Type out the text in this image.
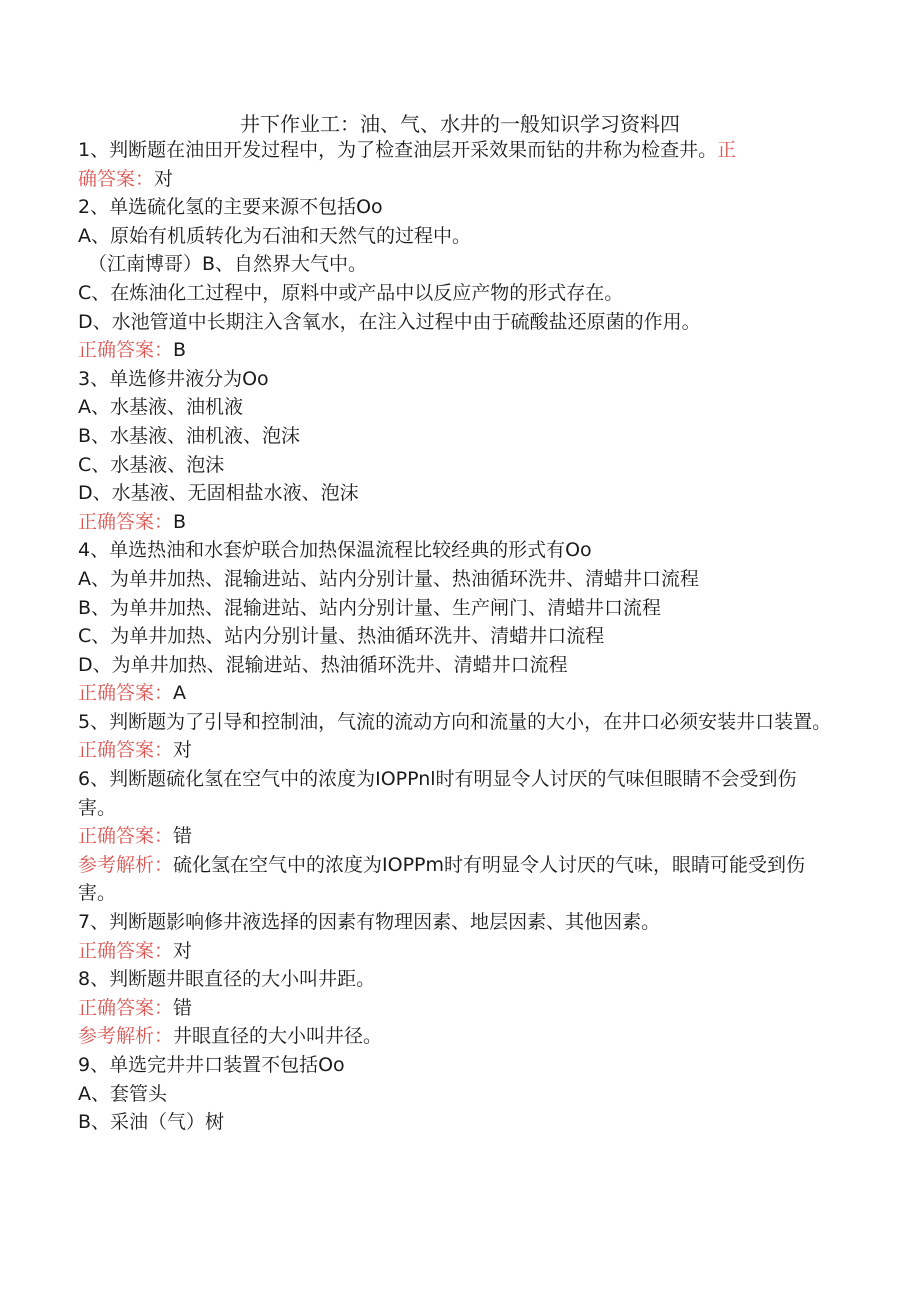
井下作业工：油、气、水井的一般知识学习资料四
1、判断题在油田开发过程中，为了检查油层开采效果而钻的井称为检查井。正
确答案：对
2、单选硫化氢的主要来源不包括Oo
A、原始有机质转化为石油和天然气的过程中。
（江南博哥）B、自然界大气中。
C、在炼油化工过程中，原料中或产品中以反应产物的形式存在。
D、水池管道中长期注入含氧水，在注入过程中由于硫酸盐还原菌的作用。
正确答案：B
3、单选修井液分为Oo
A、水基液、油机液
B、水基液、油机液、泡沫
C、水基液、泡沫
D、水基液、无固相盐水液、泡沫
正确答案：B
4、单选热油和水套炉联合加热保温流程比较经典的形式有Oo
A、为单井加热、混输进站、站内分别计量、热油循环洗井、清蜡井口流程
B、为单井加热、混输进站、站内分别计量、生产闸门、清蜡井口流程
C、为单井加热、站内分别计量、热油循环洗井、清蜡井口流程
D、为单井加热、混输进站、热油循环洗井、清蜡井口流程
正确答案：A
5、判断题为了引导和控制油，气流的流动方向和流量的大小，在井口必须安装井口装置。
正确答案：对
6、判断题硫化氢在空气中的浓度为IOPPnl时有明显令人讨厌的气味但眼睛不会受到伤害。
正确答案：错
参考解析：硫化氢在空气中的浓度为IOPPm时有明显令人讨厌的气味，眼睛可能受到伤害。
7、判断题影响修井液选择的因素有物理因素、地层因素、其他因素。
正确答案：对
8、判断题井眼直径的大小叫井距。
正确答案：错
参考解析：井眼直径的大小叫井径。
9、单选完井井口装置不包括Oo
A、套管头
B、采油（气）树
